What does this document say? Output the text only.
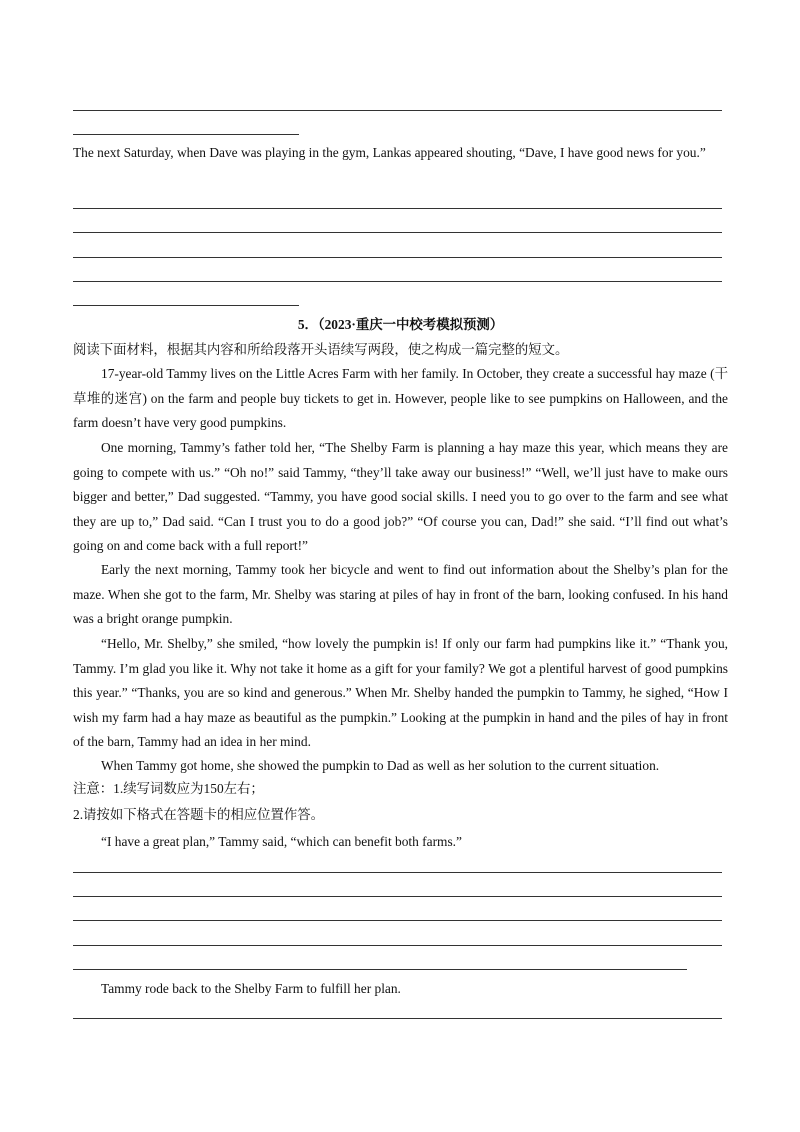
The next Saturday, when Dave was playing in the gym, Lankas appeared shouting, “Dave, I have good news for you.”

5．（2023·重庆一中校考模拟预测）

阅读下面材料，根据其内容和所给段落开头语续写两段，使之构成一篇完整的短文。

17-year-old Tammy lives on the Little Acres Farm with her family. In October, they create a successful hay maze (干草堆的迷宫) on the farm and people buy tickets to get in. However, people like to see pumpkins on Halloween, and the farm doesn’t have very good pumpkins.

One morning, Tammy’s father told her, “The Shelby Farm is planning a hay maze this year, which means they are going to compete with us.” “Oh no!” said Tammy, “they’ll take away our business!” “Well, we’ll just have to make ours bigger and better,” Dad suggested. “Tammy, you have good social skills. I need you to go over to the farm and see what they are up to,” Dad said. “Can I trust you to do a good job?” “Of course you can, Dad!” she said. “I’ll find out what’s going on and come back with a full report!”

Early the next morning, Tammy took her bicycle and went to find out information about the Shelby’s plan for the maze. When she got to the farm, Mr. Shelby was staring at piles of hay in front of the barn, looking confused. In his hand was a bright orange pumpkin.

“Hello, Mr. Shelby,” she smiled, “how lovely the pumpkin is! If only our farm had pumpkins like it.” “Thank you, Tammy. I’m glad you like it. Why not take it home as a gift for your family? We got a plentiful harvest of good pumpkins this year.” “Thanks, you are so kind and generous.” When Mr. Shelby handed the pumpkin to Tammy, he sighed, “How I wish my farm had a hay maze as beautiful as the pumpkin.” Looking at the pumpkin in hand and the piles of hay in front of the barn, Tammy had an idea in her mind.

When Tammy got home, she showed the pumpkin to Dad as well as her solution to the current situation.

注意：1.续写词数应为150左右；

2.请按如下格式在答题卡的相应位置作答。

“I have a great plan,” Tammy said, “which can benefit both farms.”

Tammy rode back to the Shelby Farm to fulfill her plan.
